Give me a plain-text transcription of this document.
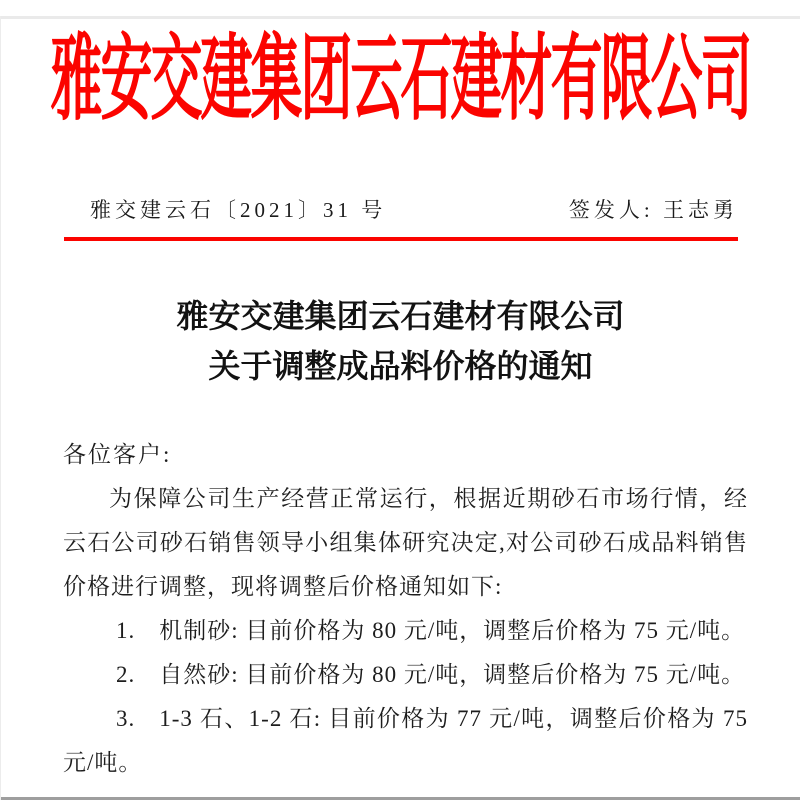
雅安交建集团云石建材有限公司
雅交建云石〔2021〕31 号	签发人: 王志勇
雅安交建集团云石建材有限公司
关于调整成品料价格的通知

各位客户:

为保障公司生产经营正常运行，根据近期砂石市场行情，经云石公司砂石销售领导小组集体研究决定,对公司砂石成品料销售价格进行调整，现将调整后价格通知如下:

1. 机制砂: 目前价格为 80 元/吨，调整后价格为 75 元/吨。

2. 自然砂: 目前价格为 80 元/吨，调整后价格为 75 元/吨。

3. 1-3 石、1-2 石: 目前价格为 77 元/吨，调整后价格为 75 元/吨。
